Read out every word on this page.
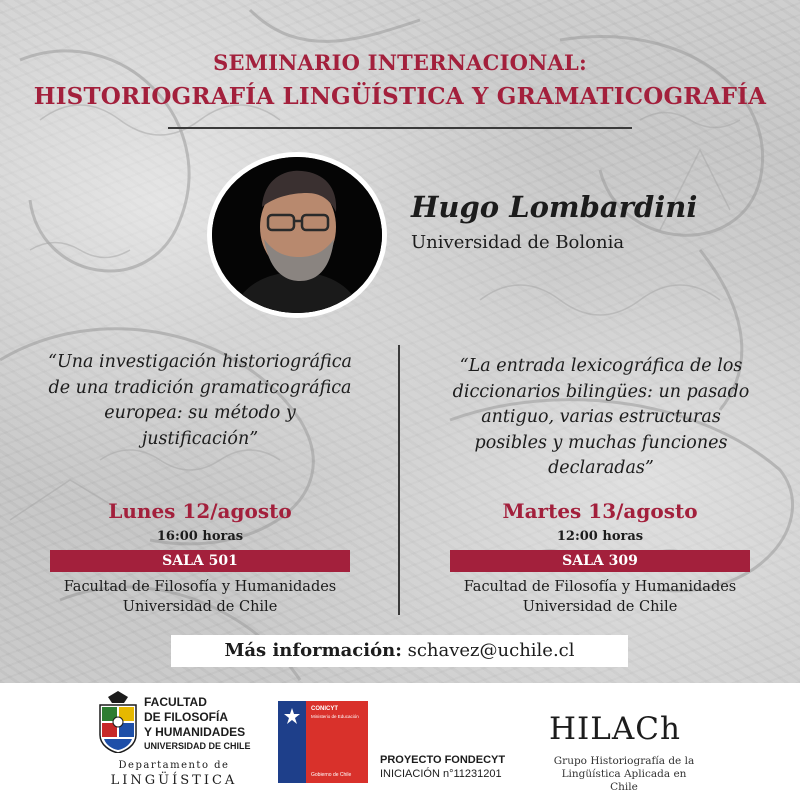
SEMINARIO INTERNACIONAL:
HISTORIOGRAFÍA LINGÜÍSTICA Y GRAMATICOGRAFÍA
Hugo Lombardini
Universidad de Bolonia
“Una investigación historiográfica
de una tradición gramaticográfica
europea: su método y
justificación”
Lunes 12/agosto
16:00 horas
SALA 501
Facultad de Filosofía y Humanidades
Universidad de Chile
“La entrada lexicográfica de los
diccionarios bilingües: un pasado
antiguo, varias estructuras
posibles y muchas funciones
declaradas”
Martes 13/agosto
12:00 horas
SALA 309
Facultad de Filosofía y Humanidades
Universidad de Chile
Más información: schavez@uchile.cl
FACULTAD
DE FILOSOFÍA
Y HUMANIDADES
UNIVERSIDAD DE CHILE
Departamento de
LINGÜÍSTICA
CONICYT
Ministerio de Educación
Gobierno de Chile
PROYECTO FONDECYT
INICIACIÓN n°11231201
HILACh
Grupo Historiografía de la
Lingüística Aplicada en Chile
